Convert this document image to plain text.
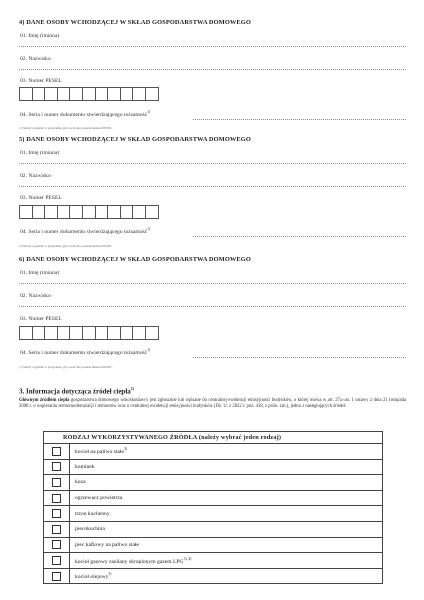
4) DANE OSOBY WCHODZĄCEJ W SKŁAD GOSPODARSTWA DOMOWEGO
01. Imię (imiona)
02. Nazwisko
03. Numer PESEL
04. Seria i numer dokumentu stwierdzającego tożsamość$^{1)}$
1) Należy wypełnić w przypadku, gdy osoba nie posiada numeru PESEL.
5) DANE OSOBY WCHODZĄCEJ W SKŁAD GOSPODARSTWA DOMOWEGO
01. Imię (imiona)
02. Nazwisko
03. Numer PESEL
04. Seria i numer dokumentu stwierdzającego tożsamość$^{1)}$
1) Należy wypełnić w przypadku, gdy osoba nie posiada numeru PESEL.
6) DANE OSOBY WCHODZĄCEJ W SKŁAD GOSPODARSTWA DOMOWEGO
01. Imię (imiona)
02. Nazwisko
03. Numer PESEL
04. Seria i numer dokumentu stwierdzającego tożsamość$^{1)}$
1) Należy wypełnić w przypadku, gdy osoba nie posiada numeru PESEL.
3. Informacja dotycząca źródeł ciepła$^{2)}$
Głównym źródłem ciepła gospodarstwa domowego wnioskodawcy jest zgłoszone lub wpisane do centralnej ewidencji emisyjności budynków, o której mowa w art. 27a ust. 1 ustawy z dnia 21 listopada 2008 r. o wspieraniu termomodernizacji i remontów oraz o centralnej ewidencji emisyjności budynków (Dz. U. z 2022 r. poz. 438, z późn. zm.), jedno z następujących źródeł:
RODZAJ WYKORZYSTYWANEGO ŹRÓDŁA (należy wybrać jeden rodzaj)	
	kocioł na paliwo stałe$^{3)}$
	kominek
	koza
	ogrzewacz powietrza
	trzon kuchenny
	piecokuchnia
	piec kaflowy na paliwo stałe
	kocioł gazowy zasilany skroplonym gazem $LPG^{3), 4)}$
	kocioł olejowy$^{3)}$
